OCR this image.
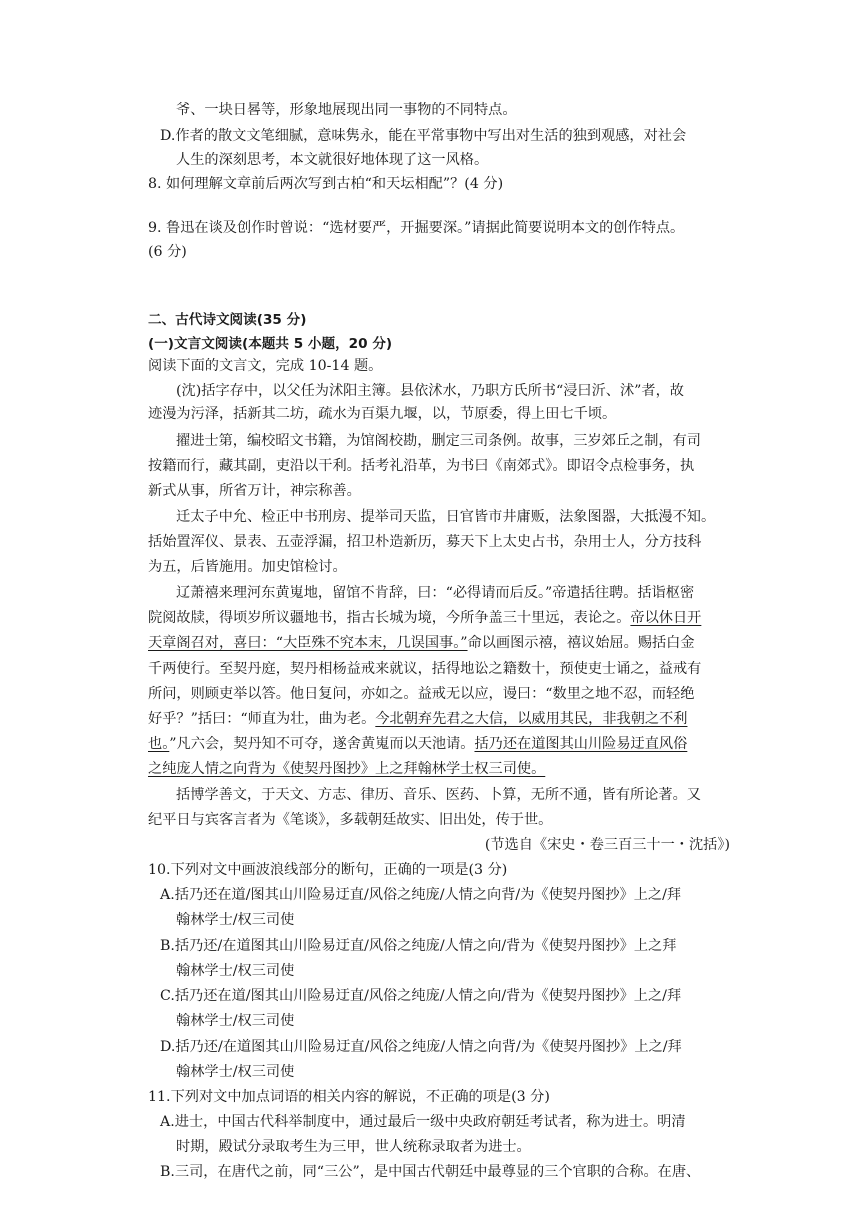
爷、一块日晷等，形象地展现出同一事物的不同特点。
D.作者的散文文笔细腻，意味隽永，能在平常事物中写出对生活的独到观感，对社会
人生的深刻思考，本文就很好地体现了这一风格。
8. 如何理解文章前后两次写到古柏“和天坛相配”？(4 分)
9. 鲁迅在谈及创作时曾说：“选材要严，开掘要深。”请据此简要说明本文的创作特点。
(6 分)
二、古代诗文阅读(35 分)
(一)文言文阅读(本题共 5 小题，20 分)
阅读下面的文言文，完成 10-14 题。
(沈)括字存中，以父任为沭阳主簿。县依沭水，乃职方氏所书“浸曰沂、沭”者，故
迹漫为污泽，括新其二坊，疏水为百渠九堰，以，节原委，得上田七千顷。
擢进士第，编校昭文书籍，为馆阁校勘，删定三司条例。故事，三岁郊丘之制，有司
按籍而行，藏其副，吏沿以干利。括考礼沿革，为书曰《南郊式》。即诏令点检事务，执
新式从事，所省万计，神宗称善。
迁太子中允、检正中书刑房、提举司天监，日官皆市井庸贩，法象图器，大抵漫不知。
括始置浑仪、景表、五壶浮漏，招卫朴造新历，募天下上太史占书，杂用士人，分方技科
为五，后皆施用。加史馆检讨。
辽萧禧来理河东黄嵬地，留馆不肯辞，曰：“必得请而后反。”帝遣括往聘。括诣枢密
院阅故牍，得顷岁所议疆地书，指古长城为境，今所争盖三十里远，表论之。帝以休日开
天章阁召对，喜曰：“大臣殊不究本末，几误国事。”命以画图示禧，禧议始屈。赐括白金
千两使行。至契丹庭，契丹相杨益戒来就议，括得地讼之籍数十，预使吏士诵之，益戒有
所问，则顾吏举以答。他日复问，亦如之。益戒无以应，谩曰：“数里之地不忍，而轻绝
好乎？”括曰：“师直为壮，曲为老。今北朝弃先君之大信，以威用其民，非我朝之不利
也。”凡六会，契丹知不可夺，遂舍黄嵬而以天池请。括乃还在道图其山川险易迂直风俗
之纯庞人情之向背为《使契丹图抄》上之拜翰林学士权三司使。
括博学善文，于天文、方志、律历、音乐、医药、卜算，无所不通，皆有所论著。又
纪平日与宾客言者为《笔谈》，多载朝廷故实、旧出处，传于世。
(节选自《宋史・卷三百三十一・沈括》)
10.下列对文中画波浪线部分的断句，正确的一项是(3 分)
A.括乃还在道/图其山川险易迂直/风俗之纯庞/人情之向背/为《使契丹图抄》上之/拜
翰林学士/权三司使
B.括乃还/在道图其山川险易迂直/风俗之纯庞/人情之向/背为《使契丹图抄》上之拜
翰林学士/权三司使
C.括乃还在道/图其山川险易迂直/风俗之纯庞/人情之向/背为《使契丹图抄》上之/拜
翰林学士/权三司使
D.括乃还/在道图其山川险易迂直/风俗之纯庞/人情之向背/为《使契丹图抄》上之/拜
翰林学士/权三司使
11.下列对文中加点词语的相关内容的解说，不正确的项是(3 分)
A.进士，中国古代科举制度中，通过最后一级中央政府朝廷考试者，称为进士。明清
时期，殿试分录取考生为三甲，世人统称录取者为进士。
B.三司，在唐代之前，同“三公”，是中国古代朝廷中最尊显的三个官职的合称。在唐、
